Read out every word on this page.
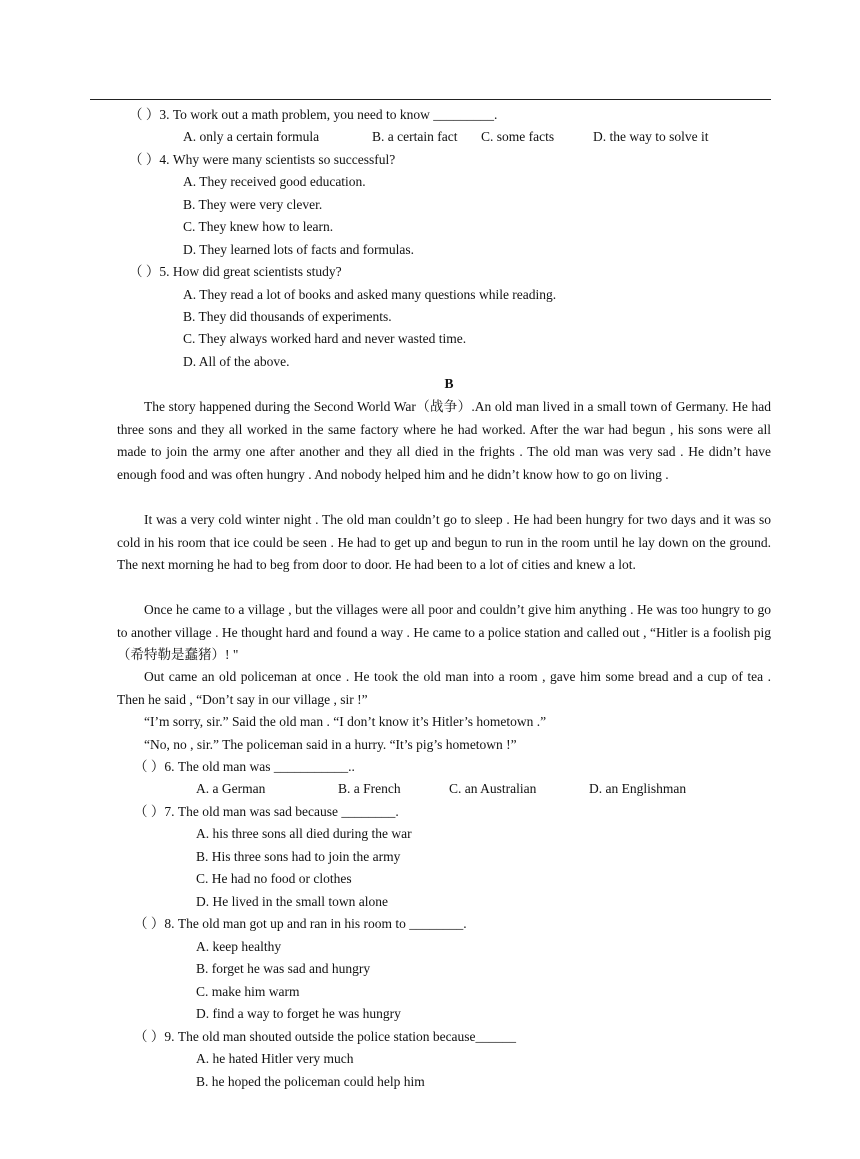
（ ）3. To work out a math problem, you need to know _________.
A. only a certain formula	B. a certain fact C. some facts	D. the way to solve it
（ ）4. Why were many scientists so successful?
A. They received good education.
B. They were very clever.
C. They knew how to learn.
D. They learned lots of facts and formulas.
（ ）5. How did great scientists study?
A. They read a lot of books and asked many questions while reading.
B. They did thousands of experiments.
C. They always worked hard and never wasted time.
D. All of the above.
B
The story happened during the Second World War（战争）.An old man lived in a small town of Germany. He had three sons and they all worked in the same factory where he had worked. After the war had begun , his sons were all made to join the army one after another and they all died in the frights . The old man was very sad . He didn’t have enough food and was often hungry . And nobody helped him and he didn’t know how to go on living .
It was a very cold winter night . The old man couldn’t go to sleep . He had been hungry for two days and it was so cold in his room that ice could be seen . He had to get up and begun to run in the room until he lay down on the ground. The next morning he had to beg from door to door. He had been to a lot of cities and knew a lot.
Once he came to a village , but the villages were all poor and couldn’t give him anything . He was too hungry to go to another village . He thought hard and found a way . He came to a police station and called out , “Hitler is a foolish pig（希特勒是蠢猪）! "
Out came an old policeman at once . He took the old man into a room , gave him some bread and a cup of tea . Then he said , “Don’t say in our village , sir !”
“I’m sorry, sir.” Said the old man . “I don’t know it’s Hitler’s hometown .”
“No, no , sir.” The policeman said in a hurry. “It’s pig’s hometown !”
（ ）6. The old man was ___________..
A. a German	B. a French	C. an Australian	D. an Englishman
（ ）7. The old man was sad because ________.
A. his three sons all died during the war
B. His three sons had to join the army
C. He had no food or clothes
D. He lived in the small town alone
（ ）8. The old man got up and ran in his room to ________.
A. keep healthy
B. forget he was sad and hungry
C. make him warm
D. find a way to forget he was hungry
（ ）9. The old man shouted outside the police station because______
A. he hated Hitler very much
B. he hoped the policeman could help him
